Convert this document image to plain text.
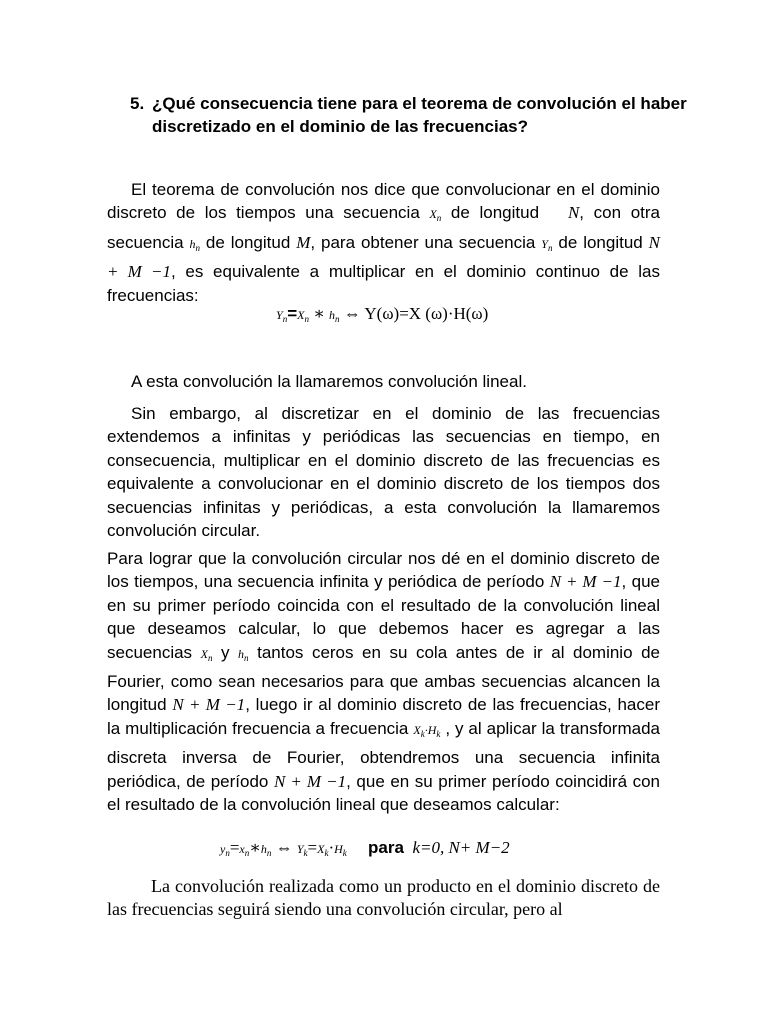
5. ¿Qué consecuencia tiene para el teorema de convolución el haber discretizado en el dominio de las frecuencias?

El teorema de convolución nos dice que convolucionar en el dominio discreto de los tiempos una secuencia $X_n$ de longitud N, con otra secuencia $h_n$ de longitud M, para obtener una secuencia $Y_n$ de longitud N + M −1, es equivalente a multiplicar en el dominio continuo de las frecuencias:

$Y_n=X_n$ ∗ $h_n$ ⇔ Y(ω)=X (ω)·H(ω)

A esta convolución la llamaremos convolución lineal.

Sin embargo, al discretizar en el dominio de las frecuencias extendemos a infinitas y periódicas las secuencias en tiempo, en consecuencia, multiplicar en el dominio discreto de las frecuencias es equivalente a convolucionar en el dominio discreto de los tiempos dos secuencias infinitas y periódicas, a esta convolución la llamaremos convolución circular.

Para lograr que la convolución circular nos dé en el dominio discreto de los tiempos, una secuencia infinita y periódica de período N + M −1, que en su primer período coincida con el resultado de la convolución lineal que deseamos calcular, lo que debemos hacer es agregar a las secuencias $X_n$ y $h_n$ tantos ceros en su cola antes de ir al dominio de Fourier, como sean necesarios para que ambas secuencias alcancen la longitud N + M −1, luego ir al dominio discreto de las frecuencias, hacer la multiplicación frecuencia a frecuencia $X_k\cdot H_k$ , y al aplicar la transformada discreta inversa de Fourier, obtendremos una secuencia infinita periódica, de período N + M −1, que en su primer período coincidirá con el resultado de la convolución lineal que deseamos calcular:

$y_n=x_n∗h_n$ ⇔ $Y_k=X_k\cdot H_k$ para k=0, N+ M−2

La convolución realizada como un producto en el dominio discreto de las frecuencias seguirá siendo una convolución circular, pero al
